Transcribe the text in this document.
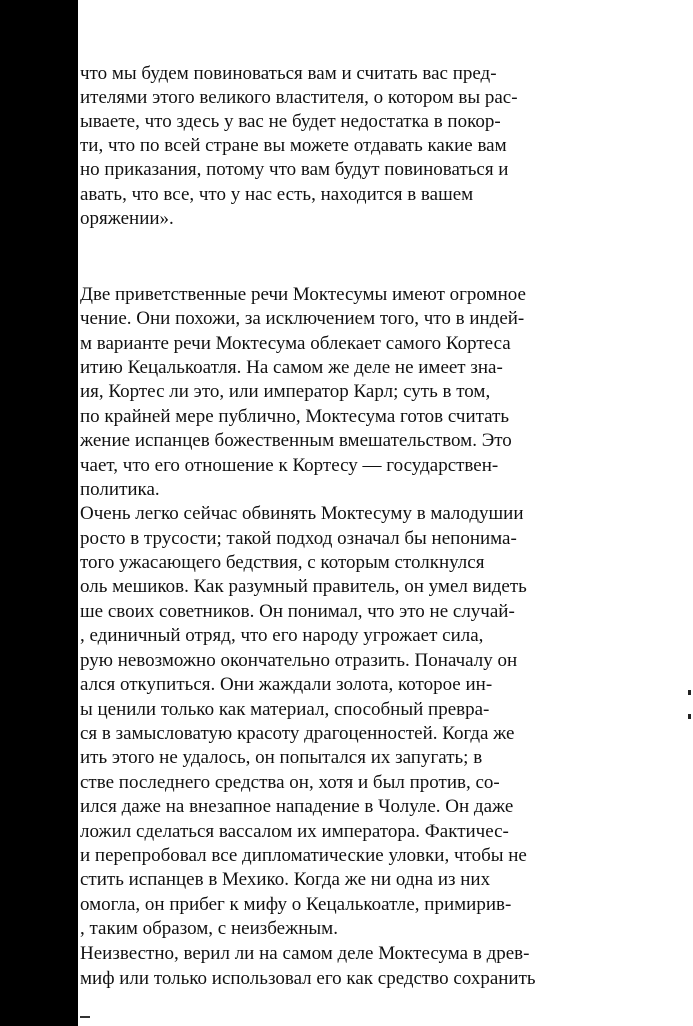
что мы будем повиноваться вам и считать вас пред-
ителями этого великого властителя, о котором вы рас-
ываете, что здесь у вас не будет недостатка в покор-
ти, что по всей стране вы можете отдавать какие вам
но приказания, потому что вам будут повиноваться и
авать, что все, что у нас есть, находится в вашем
оряжении».
Две приветственные речи Моктесумы имеют огромное
чение. Они похожи, за исключением того, что в индей-
м варианте речи Моктесума облекает самого Кортеса
итию Кецалькоатля. На самом же деле не имеет зна-
ия, Кортес ли это, или император Карл; суть в том,
по крайней мере публично, Моктесума готов считать
жение испанцев божественным вмешательством. Это
чает, что его отношение к Кортесу — государствен-
политика.
Очень легко сейчас обвинять Моктесуму в малодушии
росто в трусости; такой подход означал бы непонима-
того ужасающего бедствия, с которым столкнулся
оль мешиков. Как разумный правитель, он умел видеть
ше своих советников. Он понимал, что это не случай-
, единичный отряд, что его народу угрожает сила,
рую невозможно окончательно отразить. Поначалу он
ался откупиться. Они жаждали золота, которое ин-
ы ценили только как материал, способный превра-
ся в замысловатую красоту драгоценностей. Когда же
ить этого не удалось, он попытался их запугать; в
стве последнего средства он, хотя и был против, со-
ился даже на внезапное нападение в Чолуле. Он даже
ложил сделаться вассалом их императора. Фактичес-
и перепробовал все дипломатические уловки, чтобы не
стить испанцев в Мехико. Когда же ни одна из них
омогла, он прибег к мифу о Кецалькоатле, примирив-
, таким образом, с неизбежным.
Неизвестно, верил ли на самом деле Моктесума в древ-
миф или только использовал его как средство сохранить
